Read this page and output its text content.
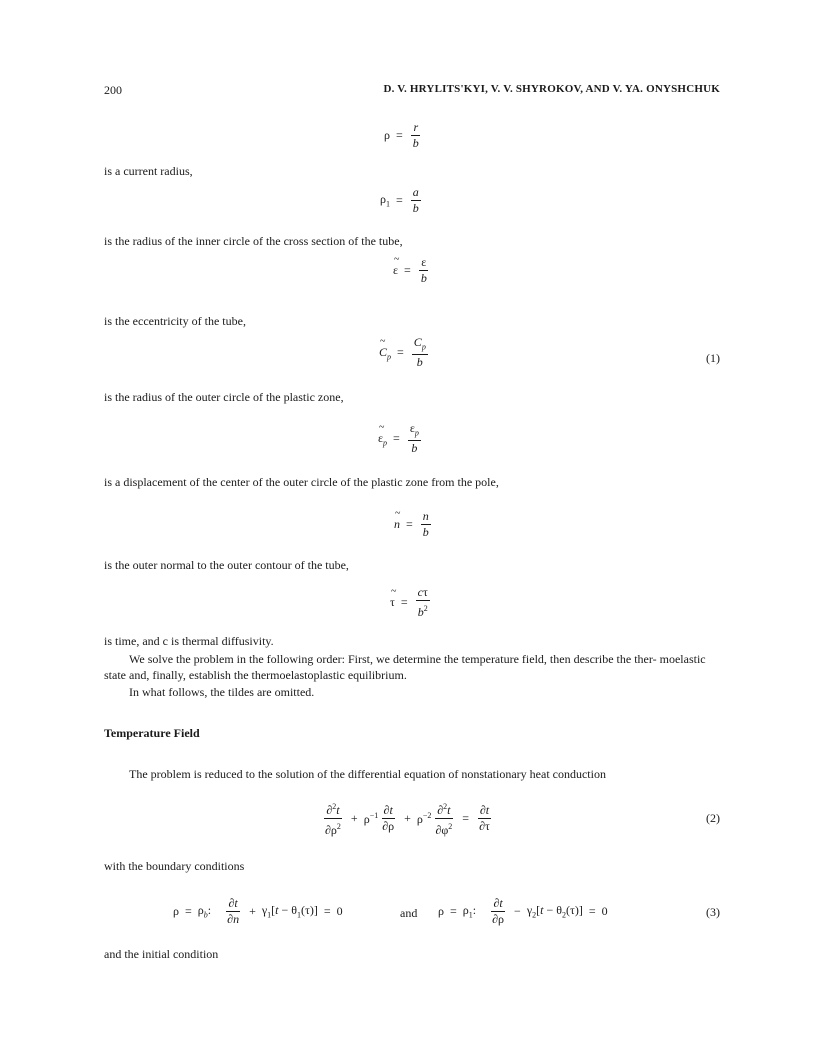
200	D. V. HRYLITS'KYI, V. V. SHYROKOV, AND V. YA. ONYSHCHUK
$\rho = \frac{r}{b}$
is a current radius,
$\rho_1 = \frac{a}{b}$
is the radius of the inner circle of the cross section of the tube,
~ $\varepsilon = \frac{\varepsilon}{b}$
is the eccentricity of the tube,
~ $C_p = \frac{C_p}{b}$	(1)
is the radius of the outer circle of the plastic zone,
~ $\varepsilon_p = \frac{\varepsilon_p}{b}$
is a displacement of the center of the outer circle of the plastic zone from the pole,
~ $n = \frac{n}{b}$
is the outer normal to the outer contour of the tube,
~ $\tau = \frac{c\tau}{b^2}$
is time, and c is thermal diffusivity.
We solve the problem in the following order: First, we determine the temperature field, then describe the ther- moelastic state and, finally, establish the thermoelastoplastic equilibrium.
In what follows, the tildes are omitted.
Temperature Field
The problem is reduced to the solution of the differential equation of nonstationary heat conduction
$\frac{\partial^2t}{\partial\rho^2} + \rho^{-1} \frac{\partial t}{\partial\rho} + \rho^{-2} \frac{\partial^2t}{\partial\varphi^2} = \frac{\partial t}{\partial\tau}$	(2)
with the boundary conditions
$\rho = \rho_b$: $\frac{\partial t}{\partial n} + \gamma_1[t - \theta_1(\tau)] = 0$	and $\rho = \rho_1$: $\frac{\partial t}{\partial\rho} - \gamma_2[t - \theta_2(\tau)] = 0$	(3)
and the initial condition
